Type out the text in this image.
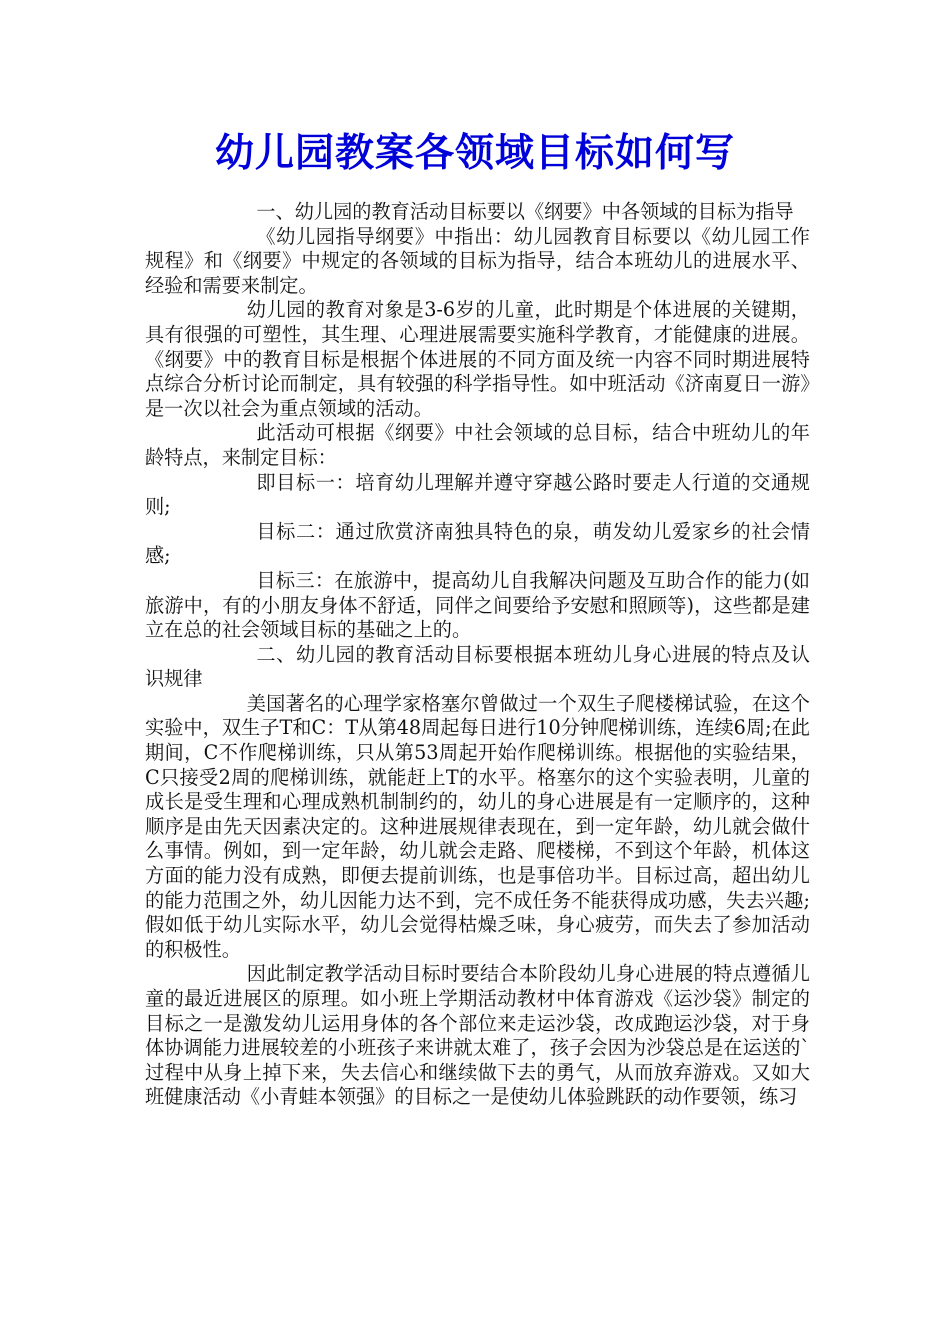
幼儿园教案各领域目标如何写

一、幼儿园的教育活动目标要以《纲要》中各领域的目标为指导

《幼儿园指导纲要》中指出：幼儿园教育目标要以《幼儿园工作规程》和《纲要》中规定的各领域的目标为指导，结合本班幼儿的进展水平、经验和需要来制定。

幼儿园的教育对象是3-6岁的儿童，此时期是个体进展的关键期，具有很强的可塑性，其生理、心理进展需要实施科学教育，才能健康的进展。《纲要》中的教育目标是根据个体进展的不同方面及统一内容不同时期进展特点综合分析讨论而制定，具有较强的科学指导性。如中班活动《济南夏日一游》是一次以社会为重点领域的活动。

此活动可根据《纲要》中社会领域的总目标，结合中班幼儿的年龄特点，来制定目标：

即目标一：培育幼儿理解并遵守穿越公路时要走人行道的交通规则;

目标二：通过欣赏济南独具特色的泉，萌发幼儿爱家乡的社会情感;

目标三：在旅游中，提高幼儿自我解决问题及互助合作的能力(如旅游中，有的小朋友身体不舒适，同伴之间要给予安慰和照顾等)，这些都是建立在总的社会领域目标的基础之上的。

二、幼儿园的教育活动目标要根据本班幼儿身心进展的特点及认识规律

美国著名的心理学家格塞尔曾做过一个双生子爬楼梯试验，在这个实验中，双生子T和C：T从第48周起每日进行10分钟爬梯训练，连续6周;在此期间，C不作爬梯训练，只从第53周起开始作爬梯训练。根据他的实验结果，C只接受2周的爬梯训练，就能赶上T的水平。格塞尔的这个实验表明，儿童的成长是受生理和心理成熟机制制约的，幼儿的身心进展是有一定顺序的，这种顺序是由先天因素决定的。这种进展规律表现在，到一定年龄，幼儿就会做什么事情。例如，到一定年龄，幼儿就会走路、爬楼梯，不到这个年龄，机体这方面的能力没有成熟，即便去提前训练，也是事倍功半。目标过高，超出幼儿的能力范围之外，幼儿因能力达不到，完不成任务不能获得成功感，失去兴趣;假如低于幼儿实际水平，幼儿会觉得枯燥乏味，身心疲劳，而失去了参加活动的积极性。

因此制定教学活动目标时要结合本阶段幼儿身心进展的特点遵循儿童的最近进展区的原理。如小班上学期活动教材中体育游戏《运沙袋》制定的目标之一是激发幼儿运用身体的各个部位来走运沙袋，改成跑运沙袋，对于身体协调能力进展较差的小班孩子来讲就太难了，孩子会因为沙袋总是在运送的`过程中从身上掉下来，失去信心和继续做下去的勇气，从而放弃游戏。又如大班健康活动《小青蛙本领强》的目标之一是使幼儿体验跳跃的动作要领，练习
